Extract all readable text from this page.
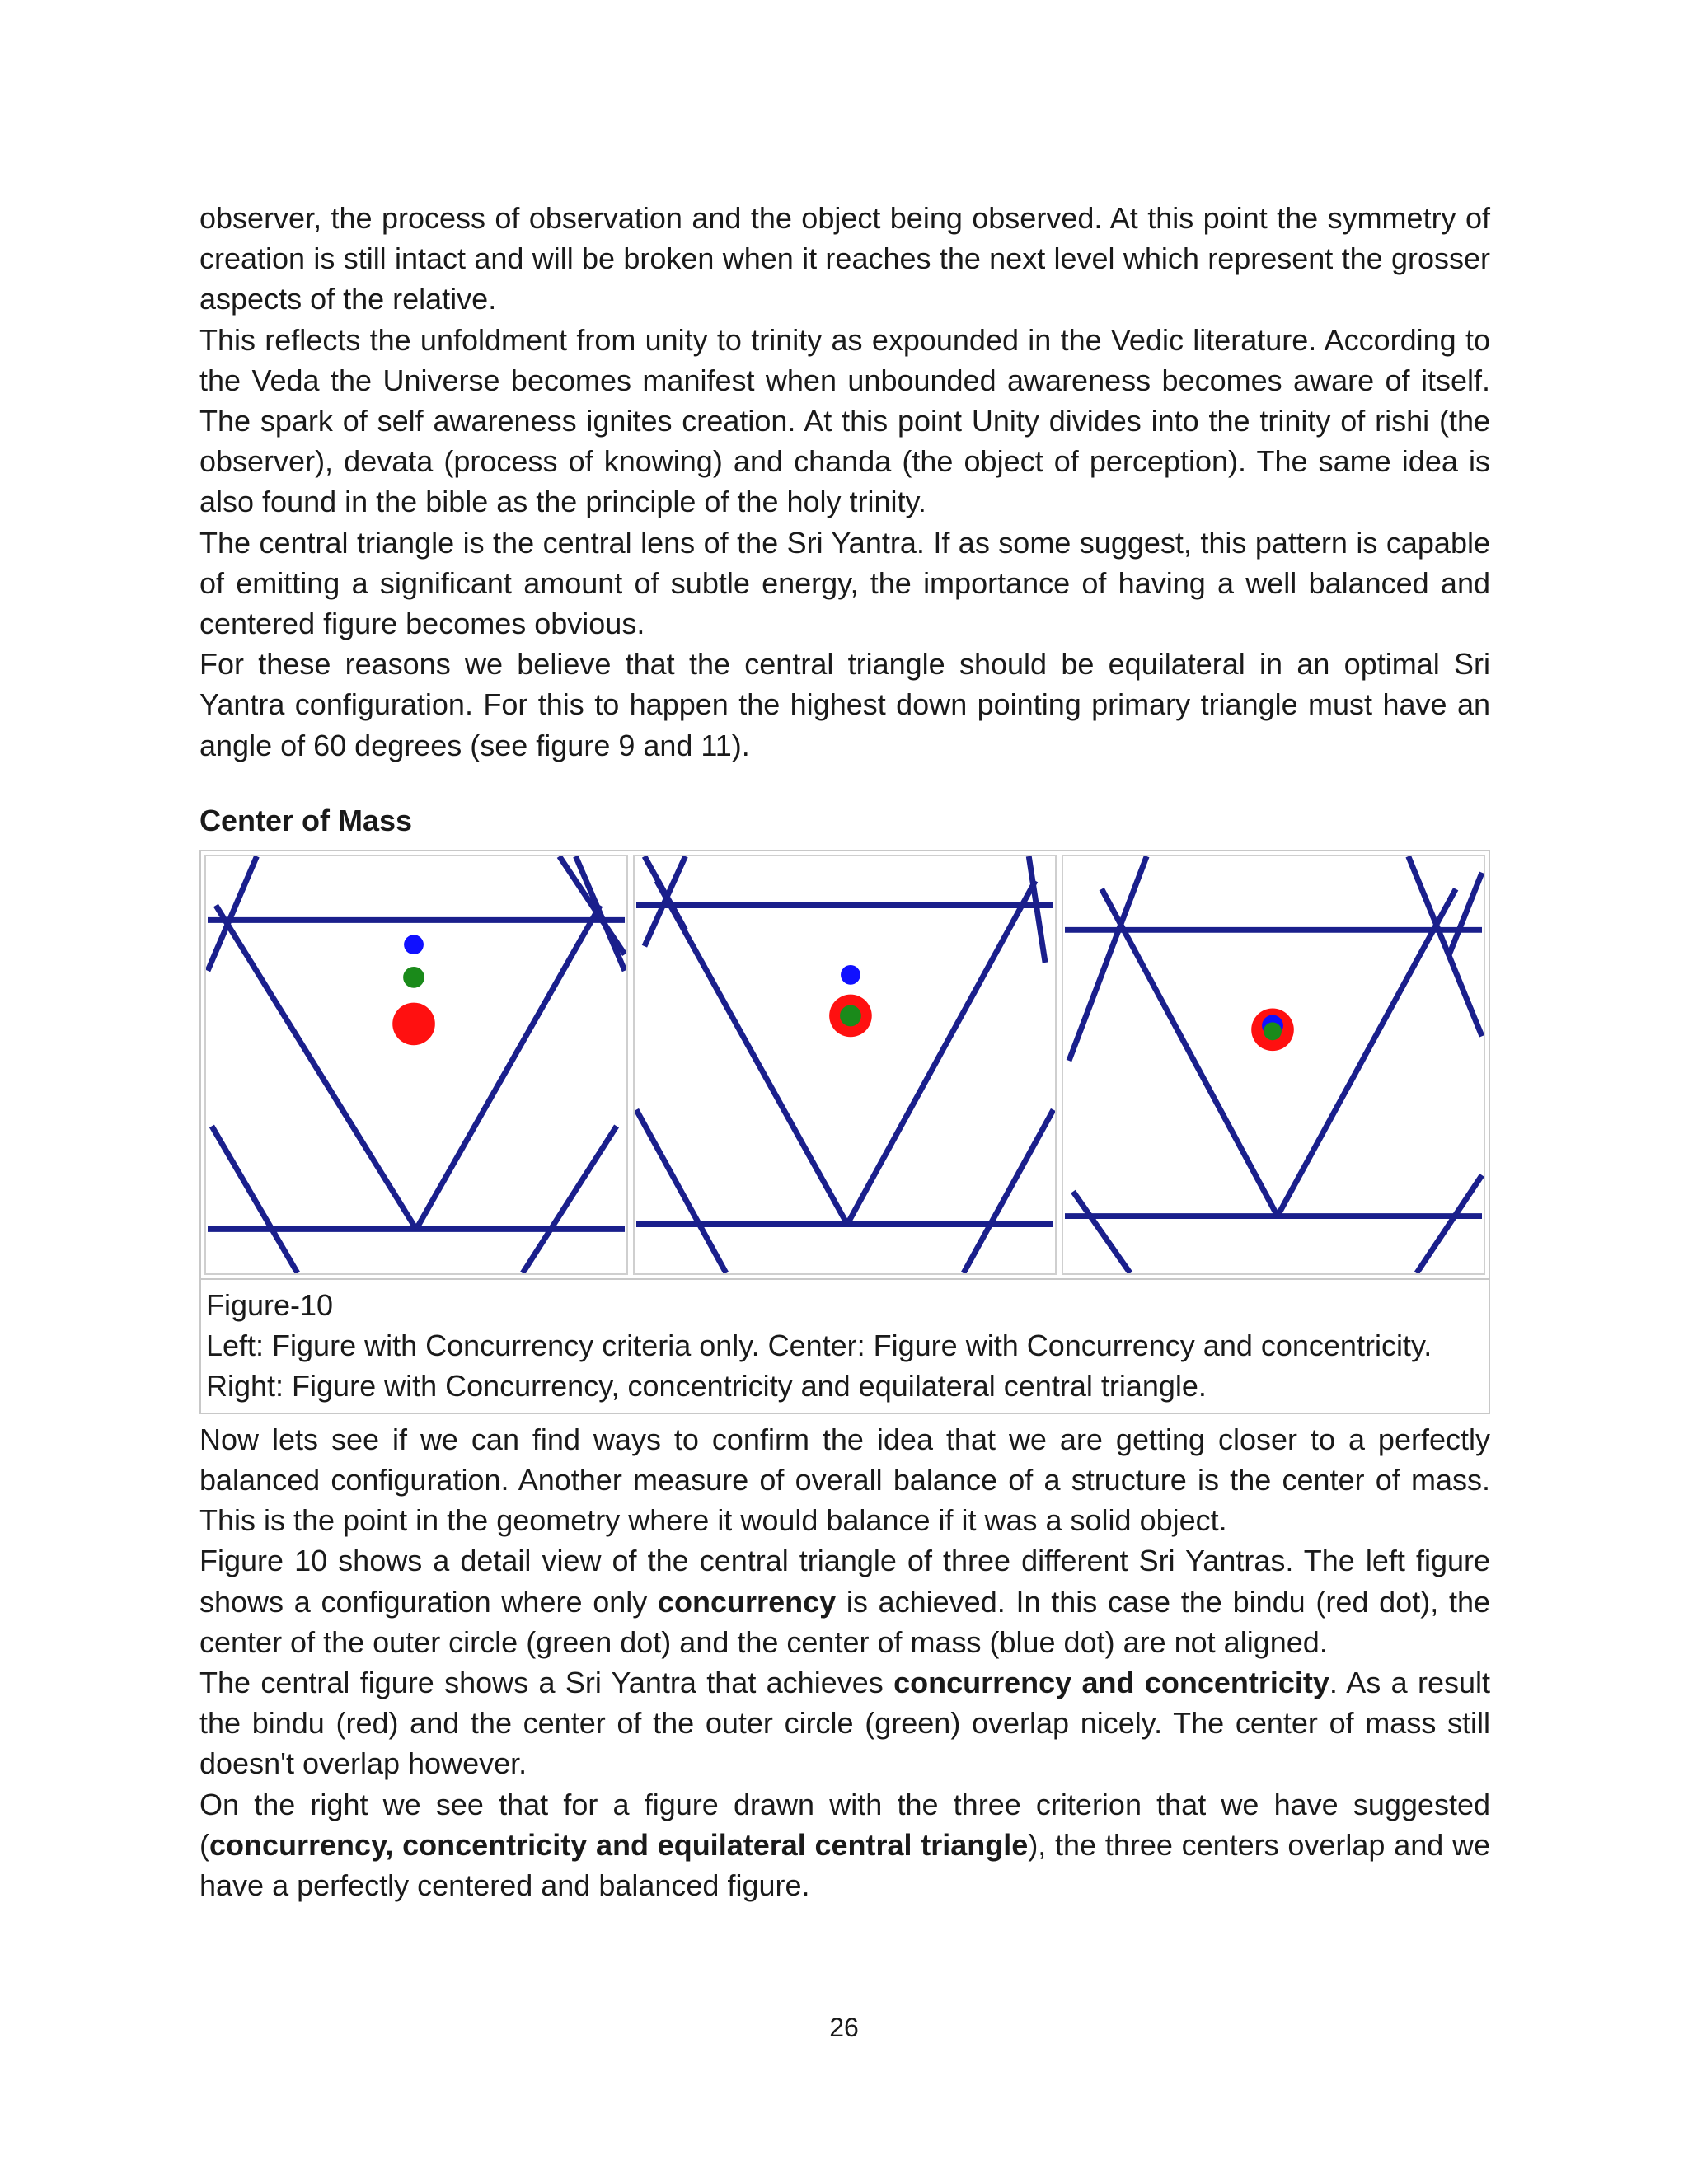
observer, the process of observation and the object being observed. At this point the symmetry of creation is still intact and will be broken when it reaches the next level which represent the grosser aspects of the relative.

This reflects the unfoldment from unity to trinity as expounded in the Vedic literature. According to the Veda the Universe becomes manifest when unbounded awareness becomes aware of itself. The spark of self awareness ignites creation. At this point Unity divides into the trinity of rishi (the observer), devata (process of knowing) and chanda (the object of perception). The same idea is also found in the bible as the principle of the holy trinity.

The central triangle is the central lens of the Sri Yantra. If as some suggest, this pattern is capable of emitting a significant amount of subtle energy, the importance of having a well balanced and centered figure becomes obvious.

For these reasons we believe that the central triangle should be equilateral in an optimal Sri Yantra configuration. For this to happen the highest down pointing primary triangle must have an angle of 60 degrees (see figure 9 and 11).

Center of Mass
Figure-10
Left: Figure with Concurrency criteria only. Center: Figure with Concurrency and concentricity.
Right: Figure with Concurrency, concentricity and equilateral central triangle.

Now lets see if we can find ways to confirm the idea that we are getting closer to a perfectly balanced configuration. Another measure of overall balance of a structure is the center of mass. This is the point in the geometry where it would balance if it was a solid object.

Figure 10 shows a detail view of the central triangle of three different Sri Yantras. The left figure shows a configuration where only concurrency is achieved. In this case the bindu (red dot), the center of the outer circle (green dot) and the center of mass (blue dot) are not aligned.

The central figure shows a Sri Yantra that achieves concurrency and concentricity. As a result the bindu (red) and the center of the outer circle (green) overlap nicely. The center of mass still doesn't overlap however.

On the right we see that for a figure drawn with the three criterion that we have suggested (concurrency, concentricity and equilateral central triangle), the three centers overlap and we have a perfectly centered and balanced figure.

26
